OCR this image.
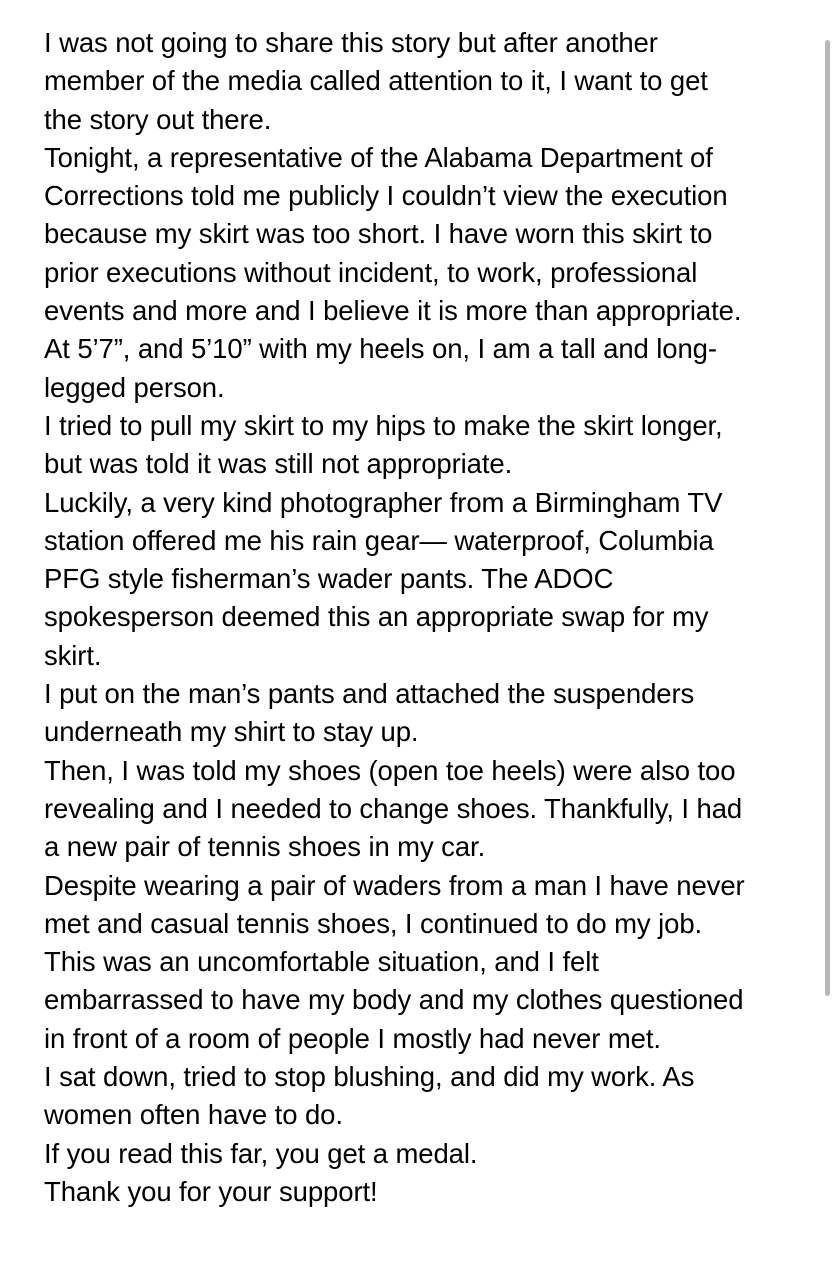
I was not going to share this story but after another
member of the media called attention to it, I want to get
the story out there.

Tonight, a representative of the Alabama Department of
Corrections told me publicly I couldn’t view the execution
because my skirt was too short. I have worn this skirt to
prior executions without incident, to work, professional
events and more and I believe it is more than appropriate.
At 5’7”, and 5’10” with my heels on, I am a tall and long-
legged person.

I tried to pull my skirt to my hips to make the skirt longer,
but was told it was still not appropriate.

Luckily, a very kind photographer from a Birmingham TV
station offered me his rain gear— waterproof, Columbia
PFG style fisherman’s wader pants. The ADOC
spokesperson deemed this an appropriate swap for my
skirt.

I put on the man’s pants and attached the suspenders
underneath my shirt to stay up.

Then, I was told my shoes (open toe heels) were also too
revealing and I needed to change shoes. Thankfully, I had
a new pair of tennis shoes in my car.

Despite wearing a pair of waders from a man I have never
met and casual tennis shoes, I continued to do my job.

This was an uncomfortable situation, and I felt
embarrassed to have my body and my clothes questioned
in front of a room of people I mostly had never met.

I sat down, tried to stop blushing, and did my work. As
women often have to do.

If you read this far, you get a medal.

Thank you for your support!
